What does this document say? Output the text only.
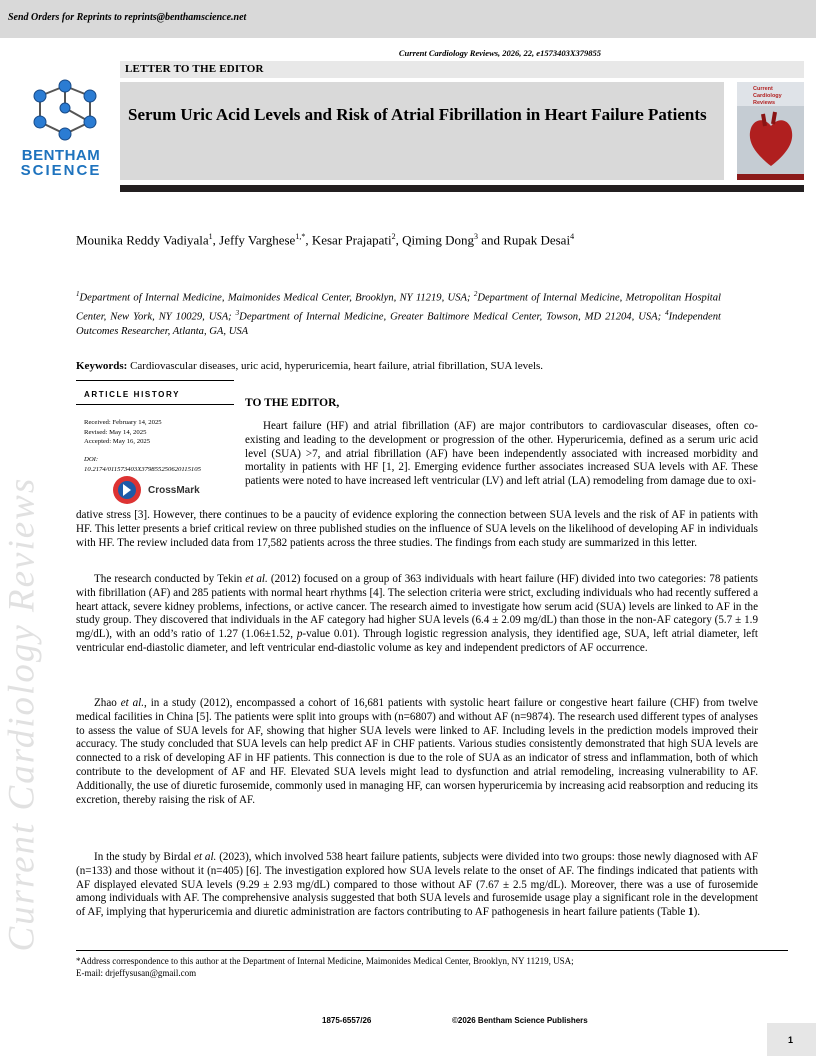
Send Orders for Reprints to reprints@benthamscience.net
Current Cardiology Reviews, 2026, 22, e1573403X379855
LETTER TO THE EDITOR
BENTHAM
SCIENCE
Serum Uric Acid Levels and Risk of Atrial Fibrillation in Heart Failure Patients
Current Cardiology Reviews
Mounika Reddy Vadiyala$^1$, Jeffy Varghese$^{1,*}$, Kesar Prajapati$^2$, Qiming Dong$^3$ and Rupak Desai$^4$
$^1$Department of Internal Medicine, Maimonides Medical Center, Brooklyn, NY 11219, USA; $^2$Department of Internal Medicine, Metropolitan Hospital Center, New York, NY 10029, USA; $^3$Department of Internal Medicine, Greater Baltimore Medical Center, Towson, MD 21204, USA; $^4$Independent Outcomes Researcher, Atlanta, GA, USA
Keywords: Cardiovascular diseases, uric acid, hyperuricemia, heart failure, atrial fibrillation, SUA levels.
ARTICLE HISTORY
Received: February 14, 2025
Revised: May 14, 2025
Accepted: May 16, 2025
DOI:
10.2174/011573403X379855250620115105
CrossMark
TO THE EDITOR,
Heart failure (HF) and atrial fibrillation (AF) are major contributors to cardiovascular diseases, often co-existing and leading to the development or progression of the other. Hyperuricemia, defined as a serum uric acid level (SUA) >7, and atrial fibrillation (AF) have been independently associated with increased morbidity and mortality in patients with HF [1, 2]. Emerging evidence further associates increased SUA levels with AF. These patients were noted to have increased left ventricular (LV) and left atrial (LA) remodeling from damage due to oxi-
dative stress [3]. However, there continues to be a paucity of evidence exploring the connection between SUA levels and the risk of AF in patients with HF. This letter presents a brief critical review on three published studies on the influence of SUA levels on the likelihood of developing AF in individuals with HF. The review included data from 17,582 patients across the three studies. The findings from each study are summarized in this letter.
The research conducted by Tekin et al. (2012) focused on a group of 363 individuals with heart failure (HF) divided into two categories: 78 patients with fibrillation (AF) and 285 patients with normal heart rhythms [4]. The selection criteria were strict, excluding individuals who had recently suffered a heart attack, severe kidney problems, infections, or active cancer. The research aimed to investigate how serum acid (SUA) levels are linked to AF in the study group. They discovered that individuals in the AF category had higher SUA levels (6.4 ± 2.09 mg/dL) than those in the non-AF category (5.7 ± 1.9 mg/dL), with an odd’s ratio of 1.27 (1.06±1.52, p-value 0.01). Through logistic regression analysis, they identified age, SUA, left atrial diameter, left ventricular end-diastolic diameter, and left ventricular end-diastolic volume as key and independent predictors of AF occurrence.
Zhao et al., in a study (2012), encompassed a cohort of 16,681 patients with systolic heart failure or congestive heart failure (CHF) from twelve medical facilities in China [5]. The patients were split into groups with (n=6807) and without AF (n=9874). The research used different types of analyses to assess the value of SUA levels for AF, showing that higher SUA levels were linked to AF. Including levels in the prediction models improved their accuracy. The study concluded that SUA levels can help predict AF in CHF patients. Various studies consistently demonstrated that high SUA levels are connected to a risk of developing AF in HF patients. This connection is due to the role of SUA as an indicator of stress and inflammation, both of which contribute to the development of AF and HF. Elevated SUA levels might lead to dysfunction and atrial remodeling, increasing vulnerability to AF. Additionally, the use of diuretic furosemide, commonly used in managing HF, can worsen hyperuricemia by increasing acid reabsorption and reducing its excretion, thereby raising the risk of AF.
In the study by Birdal et al. (2023), which involved 538 heart failure patients, subjects were divided into two groups: those newly diagnosed with AF (n=133) and those without it (n=405) [6]. The investigation explored how SUA levels relate to the onset of AF. The findings indicated that patients with AF displayed elevated SUA levels (9.29 ± 2.93 mg/dL) compared to those without AF (7.67 ± 2.5 mg/dL). Moreover, there was a use of furosemide among individuals with AF. The comprehensive analysis suggested that both SUA levels and furosemide usage play a significant role in the development of AF, implying that hyperuricemia and diuretic administration are factors contributing to AF pathogenesis in heart failure patients (Table 1).
*Address correspondence to this author at the Department of Internal Medicine, Maimonides Medical Center, Brooklyn, NY 11219, USA;
E-mail: drjeffysusan@gmail.com
1875-6557/26	©2026 Bentham Science Publishers
1
Current Cardiology Reviews
